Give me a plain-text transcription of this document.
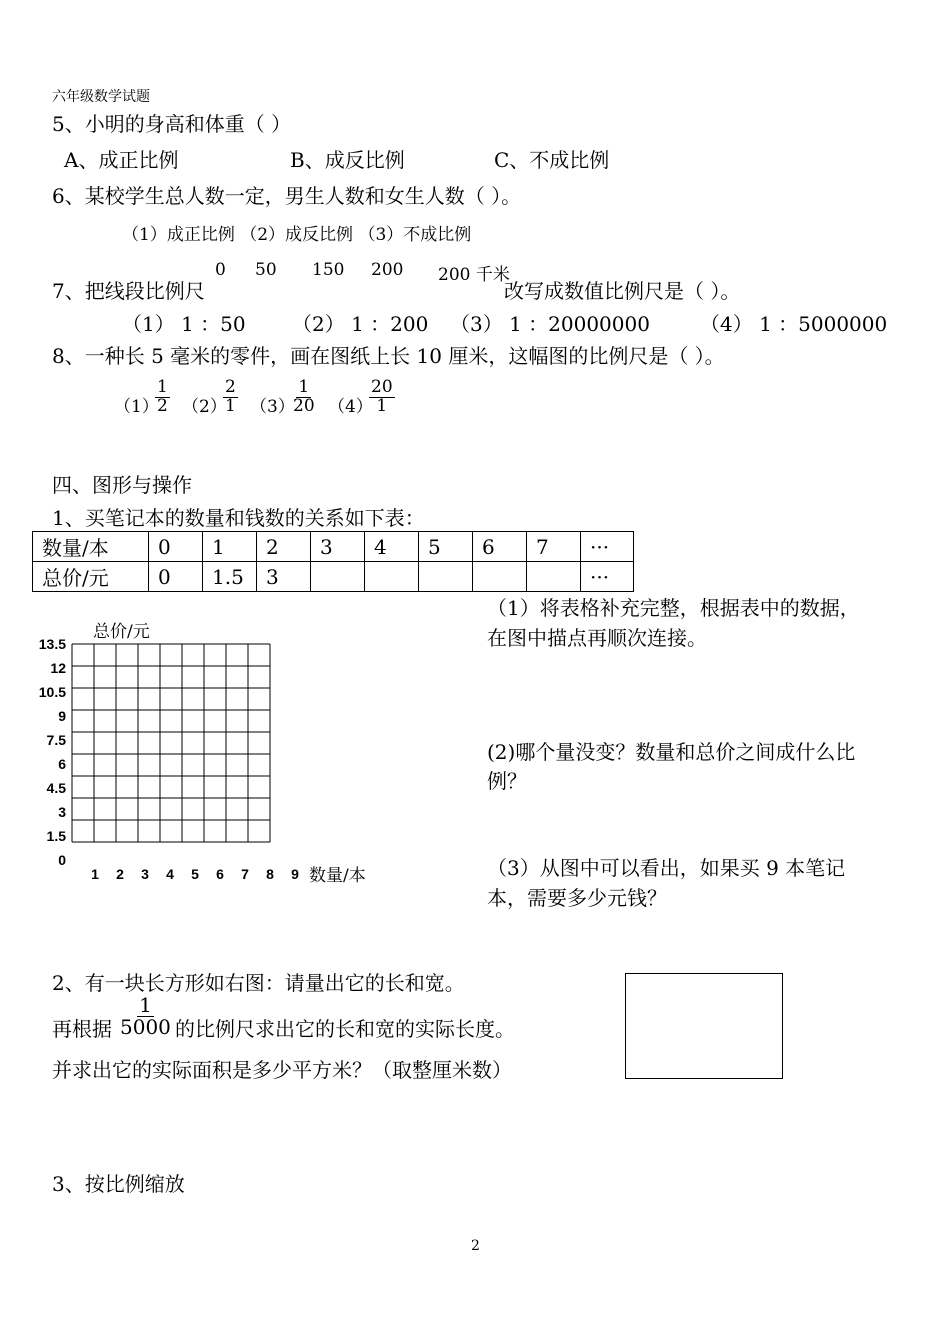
六年级数学试题
5、小明的身高和体重（ ）
A、成正比例	B、成反比例	C、不成比例
6、某校学生总人数一定，男生人数和女生人数（ ）。
（1）成正比例 （2）成反比例 （3）不成比例
7、把线段比例尺
0 50 150 200 200 千米
改写成数值比例尺是（ ）。
（1） 1 ：50 （2） 1 ：200 （3） 1 ：20000000	（4） 1 ：5000000
8、一种长 5 毫米的零件，画在图纸上长 10 厘米，这幅图的比例尺是（ ）。
（1）
$\frac{1}{2} (2)$
$\frac{2}{1} (3)$
$\frac{1}{20} (4)$
$\frac{20}{1}$
四、图形与操作
1、买笔记本的数量和钱数的关系如下表：
数量/本	0	1	2	3	4	5	6	7	···
总价/元	0	1.5	3						···
总价/元
13.5
12
10.5
9
7.5
6
4.5
3
1.5
0
1	2	3	4	5	6	7	8	9 数量/本
（1）将表格补充完整，根据表中的数据，
在图中描点再顺次连接。
(2)哪个量没变？数量和总价之间成什么比
例？
（3）从图中可以看出，如果买 9 本笔记
本，需要多少元钱？
2、有一块长方形如右图：请量出它的长和宽。
再根据 $\frac{1}{5000}$ 的比例尺求出它的长和宽的实际长度。
并求出它的实际面积是多少平方米？（取整厘米数）
3、按比例缩放
2
